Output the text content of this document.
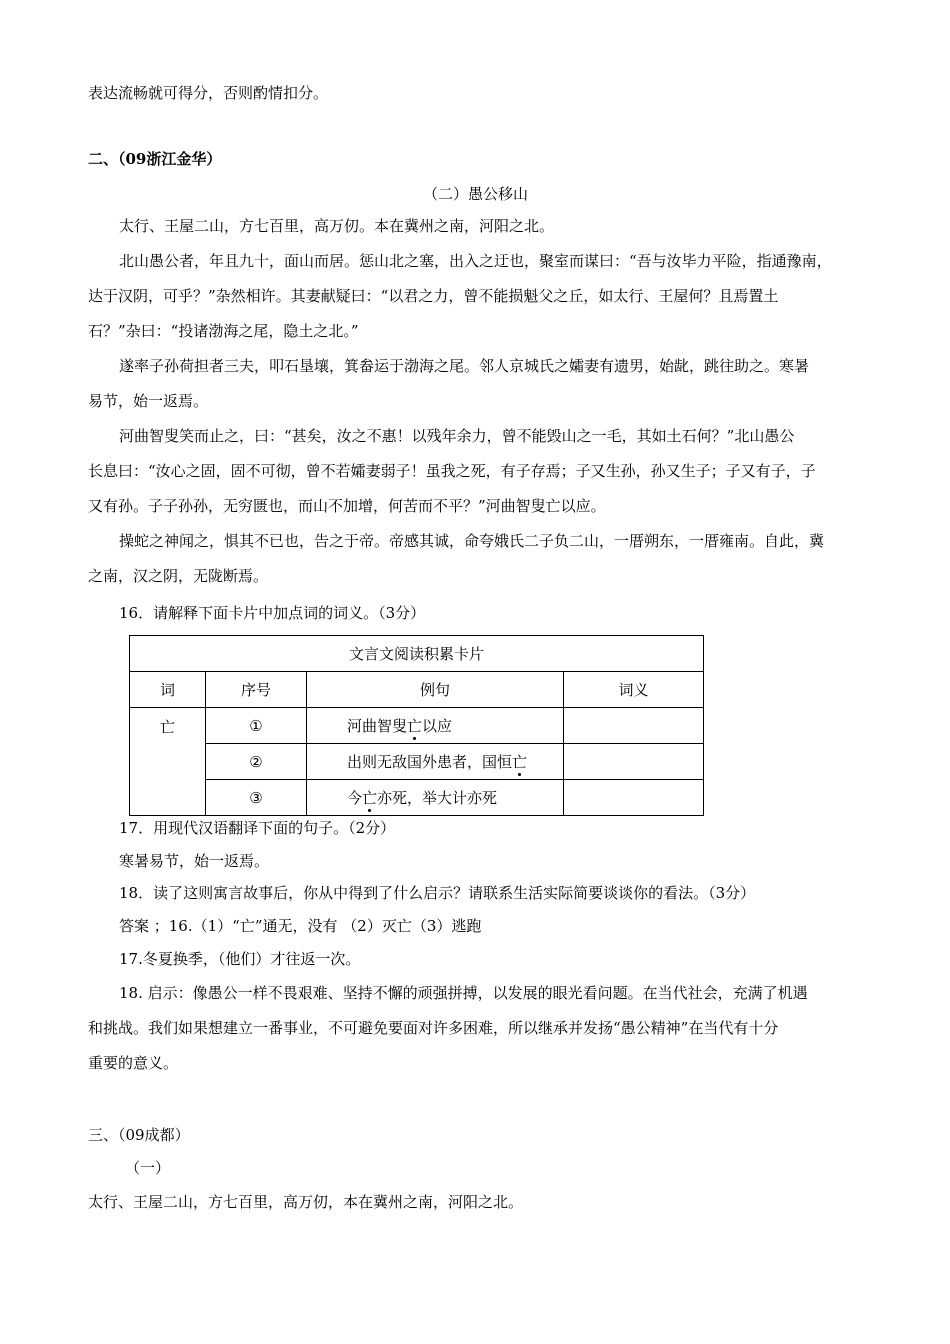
表达流畅就可得分，否则酌情扣分。
二、（09浙江金华）
（二）愚公移山
太行、王屋二山，方七百里，高万仞。本在冀州之南，河阳之北。
北山愚公者，年且九十，面山而居。惩山北之塞，出入之迂也，聚室而谋曰：“吾与汝毕力平险，指通豫南，
达于汉阴，可乎？”杂然相许。其妻献疑曰：“以君之力，曾不能损魁父之丘，如太行、王屋何？且焉置土
石？”杂曰：“投诸渤海之尾，隐土之北。”
遂率子孙荷担者三夫，叩石垦壤，箕畚运于渤海之尾。邻人京城氏之孀妻有遗男，始龀，跳往助之。寒暑
易节，始一返焉。
河曲智叟笑而止之，曰：“甚矣，汝之不惠！以残年余力，曾不能毁山之一毛，其如土石何？”北山愚公
长息曰：“汝心之固，固不可彻，曾不若孀妻弱子！虽我之死，有子存焉；子又生孙，孙又生子；子又有子，子
又有孙。子子孙孙，无穷匮也，而山不加增，何苦而不平？”河曲智叟亡以应。
操蛇之神闻之，惧其不已也，告之于帝。帝感其诚，命夸娥氏二子负二山，一厝朔东，一厝雍南。自此，冀
之南，汉之阴，无陇断焉。
16．请解释下面卡片中加点词的词义。（3分）
文言文阅读积累卡片			
词	序号	例句	词义
亡	①	河曲智叟亡以应	
	②	出则无敌国外患者，国恒亡	
	③	今亡亦死，举大计亦死	
17．用现代汉语翻译下面的句子。（2分）
寒暑易节，始一返焉。
18．读了这则寓言故事后，你从中得到了什么启示？请联系生活实际简要谈谈你的看法。（3分）
答案 ；16.（1）“亡”通无，没有 （2）灭亡（3）逃跑
17.冬夏换季，（他们）才往返一次。
18. 启示：像愚公一样不畏艰难、坚持不懈的顽强拼搏，以发展的眼光看问题。在当代社会，充满了机遇
和挑战。我们如果想建立一番事业，不可避免要面对许多困难，所以继承并发扬“愚公精神”在当代有十分
重要的意义。
三、（09成都）
（一）
太行、王屋二山，方七百里，高万仞，本在冀州之南，河阳之北。
